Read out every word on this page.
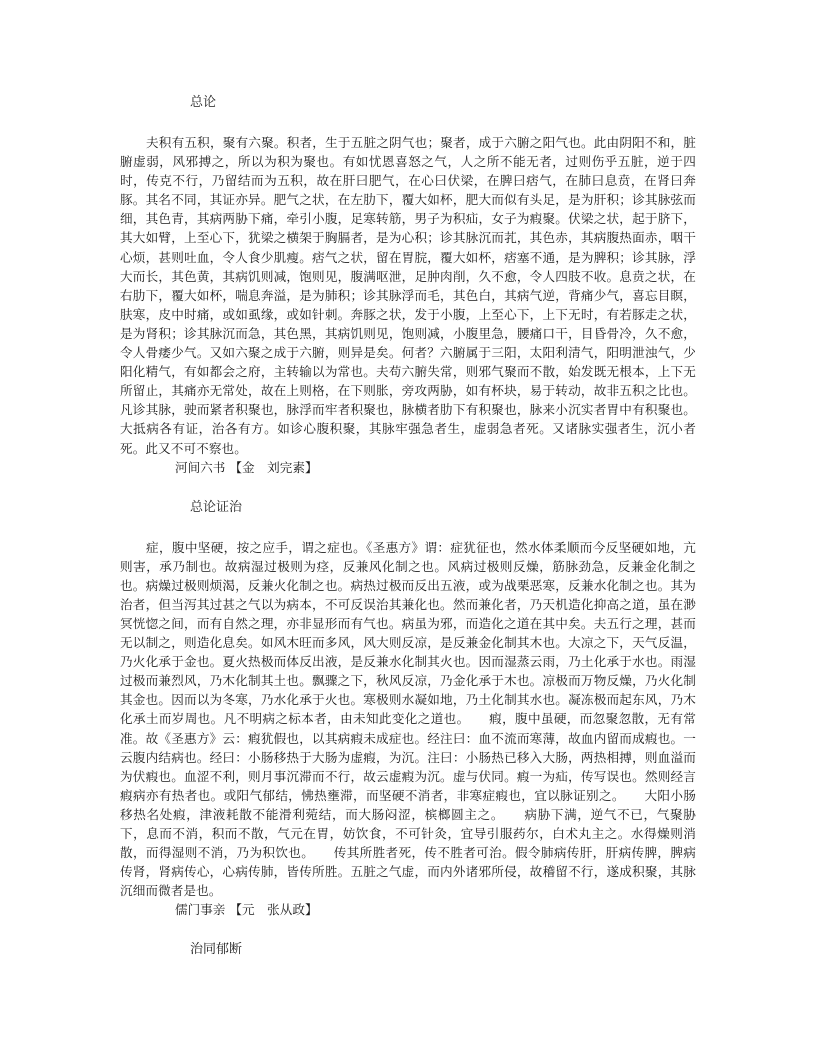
总论

夫积有五积，聚有六聚。积者，生于五脏之阴气也；聚者，成于六腑之阳气也。此由阴阳不和，脏腑虚弱，风邪搏之，所以为积为聚也。有如忧恩喜怒之气，人之所不能无者，过则伤乎五脏，逆于四时，传克不行，乃留结而为五积，故在肝曰肥气，在心曰伏梁，在脾曰痞气，在肺曰息贲，在肾曰奔豚。其名不同，其证亦异。肥气之状，在左肋下，覆大如杯，肥大而似有头足，是为肝积；诊其脉弦而细，其色青，其病两胁下痛，牵引小腹，足寒转筋，男子为积疝，女子为瘕聚。伏梁之状，起于脐下，其大如臂，上至心下，犹梁之横架于胸膈者，是为心积；诊其脉沉而芤，其色赤，其病腹热面赤，咽干心烦，甚则吐血，令人食少肌瘦。痞气之状，留在胃脘，覆大如杯，痞塞不通，是为脾积；诊其脉，浮大而长，其色黄，其病饥则减，饱则见，腹满呕泄，足肿肉削，久不愈，令人四肢不收。息贲之状，在右肋下，覆大如杯，喘息奔溢，是为肺积；诊其脉浮而毛，其色白，其病气逆，背痛少气，喜忘目瞑，肤寒，皮中时痛，或如虱缘，或如针刺。奔豚之状，发于小腹，上至心下，上下无时，有若豚走之状，是为肾积；诊其脉沉而急，其色黑，其病饥则见，饱则减，小腹里急，腰痛口干，目昏骨冷，久不愈，令人骨痿少气。又如六聚之成于六腑，则异是矣。何者？六腑属于三阳，太阳利清气，阳明泄浊气，少阳化精气，有如都会之府，主转输以为常也。夫苟六腑失常，则邪气聚而不散，始发既无根本，上下无所留止，其痛亦无常处，故在上则格，在下则胀，旁攻两胁，如有杯块，易于转动，故非五积之比也。凡诊其脉，驶而紧者积聚也，脉浮而牢者积聚也，脉横者肋下有积聚也，脉来小沉实者胃中有积聚也。大抵病各有证，治各有方。如诊心腹积聚，其脉牢强急者生，虚弱急者死。又诸脉实强者生，沉小者死。此又不可不察也。

河间六书 【金　刘完素】

总论证治

症，腹中坚硬，按之应手，谓之症也。《圣惠方》谓：症犹征也，然水体柔顺而今反坚硬如地，亢则害，承乃制也。故病湿过极则为痉，反兼风化制之也。风病过极则反燥，筋脉劲急，反兼金化制之也。病燥过极则烦渴，反兼火化制之也。病热过极而反出五液，或为战栗恶寒，反兼水化制之也。其为治者，但当泻其过甚之气以为病本，不可反误治其兼化也。然而兼化者，乃天机造化抑高之道，虽在渺冥恍惚之间，而有自然之理，亦非显形而有气也。病虽为邪，而造化之道在其中矣。夫五行之理，甚而无以制之，则造化息矣。如风木旺而多风，风大则反凉，是反兼金化制其木也。大凉之下，天气反温，乃火化承于金也。夏火热极而体反出液，是反兼水化制其火也。因而湿蒸云雨，乃土化承于水也。雨湿过极而兼烈风，乃木化制其土也。飘骤之下，秋风反凉，乃金化承于木也。凉极而万物反燥，乃火化制其金也。因而以为冬寒，乃水化承于火也。寒极则水凝如地，乃土化制其水也。凝冻极而起东风，乃木化承土而岁周也。凡不明病之标本者，由未知此变化之道也。　　瘕，腹中虽硬，而忽聚忽散，无有常准。故《圣惠方》云：瘕犹假也，以其病瘕未成症也。经注曰：血不流而寒薄，故血内留而成瘕也。一云腹内结病也。经曰：小肠移热于大肠为虚瘕，为沉。注曰：小肠热已移入大肠，两热相搏，则血溢而为伏瘕也。血涩不利，则月事沉滞而不行，故云虚瘕为沉。虚与伏同。瘕一为疝，传写误也。然则经言瘕病亦有热者也。或阳气郁结，怫热壅滞，而坚硬不消者，非寒症瘕也，宜以脉证别之。　　大阳小肠移热名处瘕，津液耗散不能滑利菀结，而大肠闷涩，槟榔圆主之。　　病胁下满，逆气不已，气聚胁下，息而不消，积而不散，气元在胃，妨饮食，不可针灸，宜导引服药尔，白术丸主之。水得燥则消散，而得湿则不消，乃为积饮也。　　传其所胜者死，传不胜者可治。假令肺病传肝，肝病传脾，脾病传肾，肾病传心，心病传肺，皆传所胜。五脏之气虚，而内外诸邪所侵，故稽留不行，遂成积聚，其脉沉细而微者是也。

儒门事亲 【元　张从政】

治同郁断
